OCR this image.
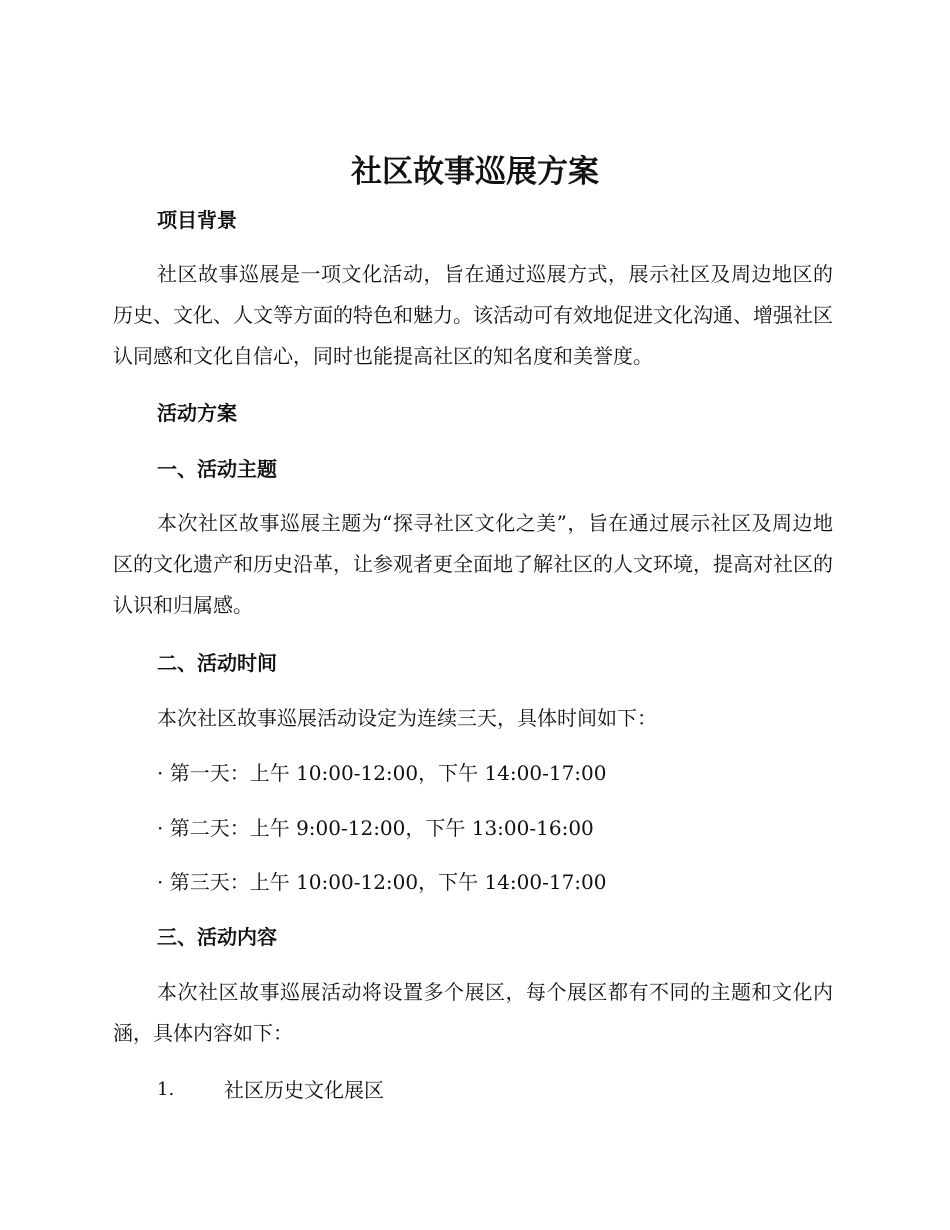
社区故事巡展方案
项目背景

社区故事巡展是一项文化活动，旨在通过巡展方式，展示社区及周边地区的历史、文化、人文等方面的特色和魅力。该活动可有效地促进文化沟通、增强社区认同感和文化自信心，同时也能提高社区的知名度和美誉度。

活动方案
一、活动主题

本次社区故事巡展主题为“探寻社区文化之美”，旨在通过展示社区及周边地区的文化遗产和历史沿革，让参观者更全面地了解社区的人文环境，提高对社区的认识和归属感。

二、活动时间

本次社区故事巡展活动设定为连续三天，具体时间如下：

· 第一天：上午 10:00-12:00，下午 14:00-17:00

· 第二天：上午 9:00-12:00，下午 13:00-16:00

· 第三天：上午 10:00-12:00，下午 14:00-17:00

三、活动内容

本次社区故事巡展活动将设置多个展区，每个展区都有不同的主题和文化内涵，具体内容如下：

1. 社区历史文化展区
